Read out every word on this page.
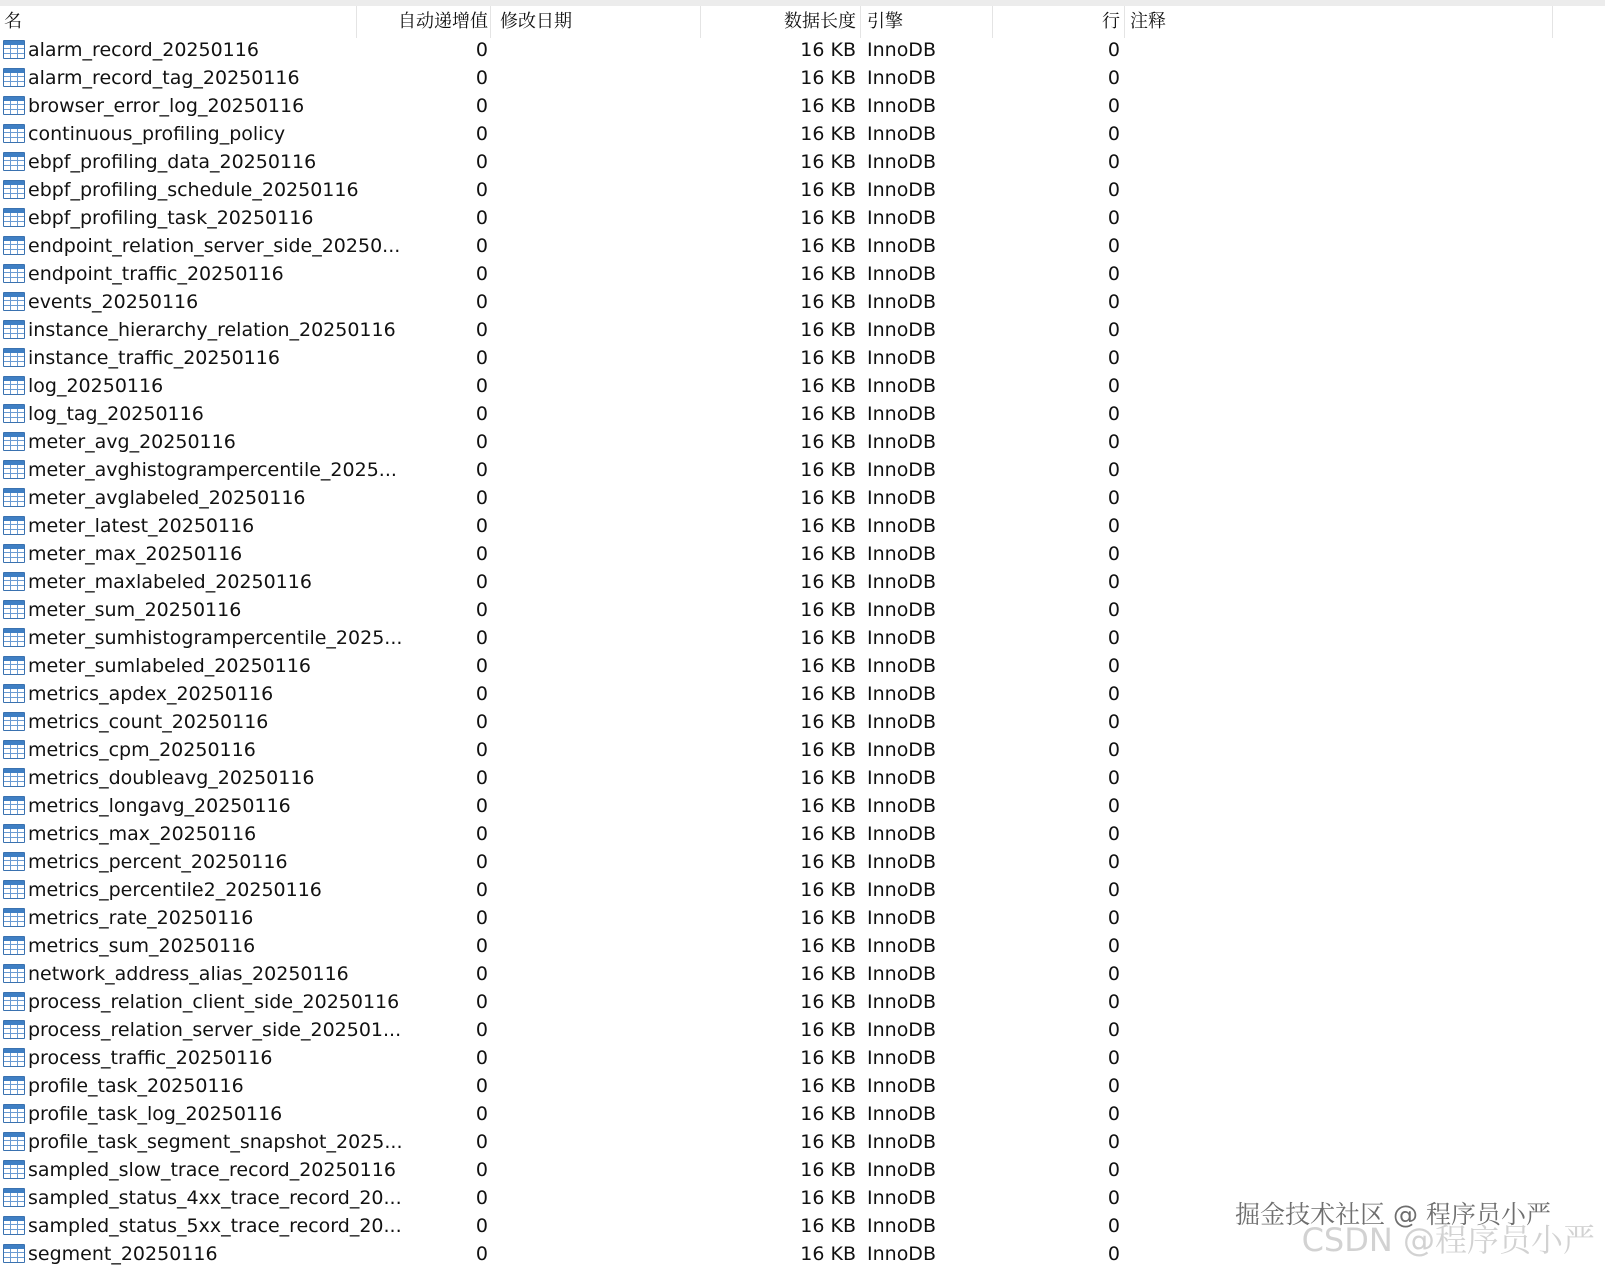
名	自动递增值 修改日期	数据长度 引擎	行 注释
alarm_record_20250116	0	16 KB InnoDB	0
alarm_record_tag_20250116	0	16 KB InnoDB	0
browser_error_log_20250116	0	16 KB InnoDB	0
continuous_profiling_policy	0	16 KB InnoDB	0
ebpf_profiling_data_20250116	0	16 KB InnoDB	0
ebpf_profiling_schedule_20250116	0	16 KB InnoDB	0
ebpf_profiling_task_20250116	0	16 KB InnoDB	0
endpoint_relation_server_side_20250...	0	16 KB InnoDB	0
endpoint_traffic_20250116	0	16 KB InnoDB	0
events_20250116	0	16 KB InnoDB	0
instance_hierarchy_relation_20250116	0	16 KB InnoDB	0
instance_traffic_20250116	0	16 KB InnoDB	0
log_20250116	0	16 KB InnoDB	0
log_tag_20250116	0	16 KB InnoDB	0
meter_avg_20250116	0	16 KB InnoDB	0
meter_avghistogrampercentile_2025...	0	16 KB InnoDB	0
meter_avglabeled_20250116	0	16 KB InnoDB	0
meter_latest_20250116	0	16 KB InnoDB	0
meter_max_20250116	0	16 KB InnoDB	0
meter_maxlabeled_20250116	0	16 KB InnoDB	0
meter_sum_20250116	0	16 KB InnoDB	0
meter_sumhistogrampercentile_2025...	0	16 KB InnoDB	0
meter_sumlabeled_20250116	0	16 KB InnoDB	0
metrics_apdex_20250116	0	16 KB InnoDB	0
metrics_count_20250116	0	16 KB InnoDB	0
metrics_cpm_20250116	0	16 KB InnoDB	0
metrics_doubleavg_20250116	0	16 KB InnoDB	0
metrics_longavg_20250116	0	16 KB InnoDB	0
metrics_max_20250116	0	16 KB InnoDB	0
metrics_percent_20250116	0	16 KB InnoDB	0
metrics_percentile2_20250116	0	16 KB InnoDB	0
metrics_rate_20250116	0	16 KB InnoDB	0
metrics_sum_20250116	0	16 KB InnoDB	0
network_address_alias_20250116	0	16 KB InnoDB	0
process_relation_client_side_20250116	0	16 KB InnoDB	0
process_relation_server_side_202501...	0	16 KB InnoDB	0
process_traffic_20250116	0	16 KB InnoDB	0
profile_task_20250116	0	16 KB InnoDB	0
profile_task_log_20250116	0	16 KB InnoDB	0
profile_task_segment_snapshot_2025...	0	16 KB InnoDB	0
sampled_slow_trace_record_20250116	0	16 KB InnoDB	0
sampled_status_4xx_trace_record_20...	0	16 KB InnoDB	0
sampled_status_5xx_trace_record_20...	0	16 KB InnoDB	0
segment_20250116	0	16 KB InnoDB	0
掘金技术社区 @ 程序员小严
CSDN @程序员小严
